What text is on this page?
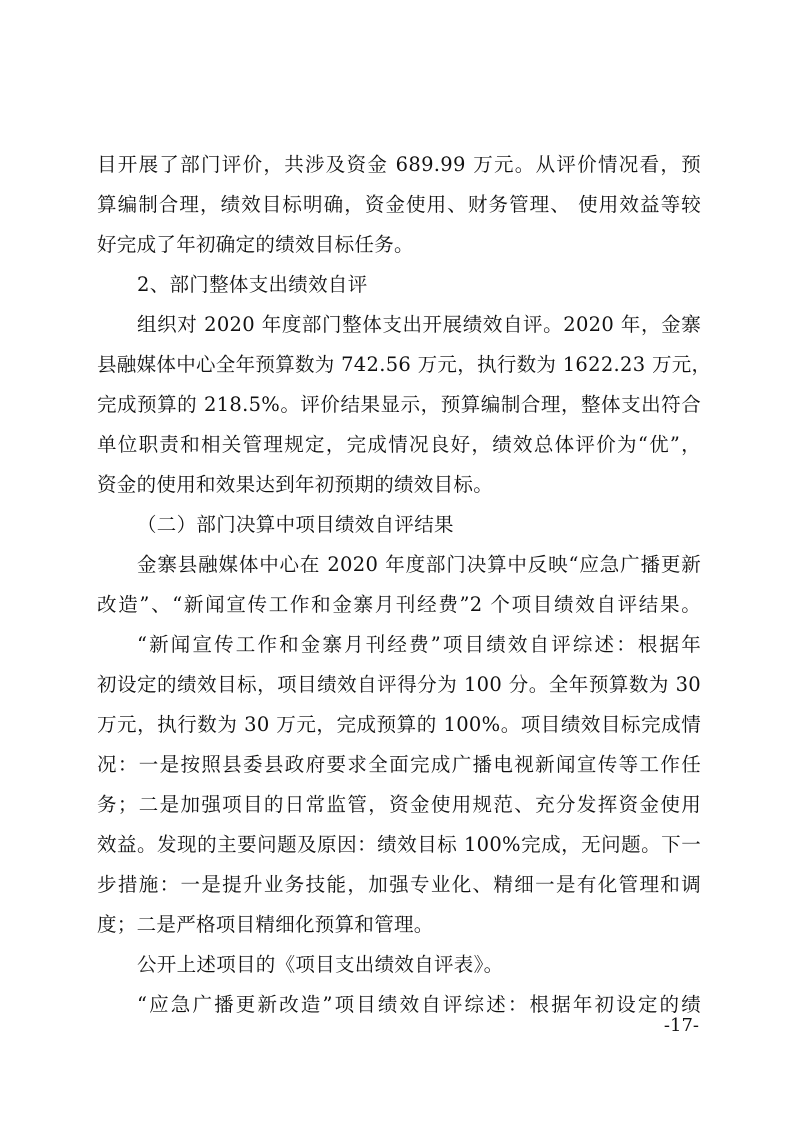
目开展了部门评价，共涉及资金 689.99 万元。从评价情况看，预
算编制合理，绩效目标明确，资金使用、财务管理、 使用效益等较
好完成了年初确定的绩效目标任务。
2、部门整体支出绩效自评
组织对 2020 年度部门整体支出开展绩效自评。2020 年，金寨
县融媒体中心全年预算数为 742.56 万元，执行数为 1622.23 万元，
完成预算的 218.5%。评价结果显示，预算编制合理，整体支出符合
单位职责和相关管理规定，完成情况良好，绩效总体评价为“优”，
资金的使用和效果达到年初预期的绩效目标。
（二）部门决算中项目绩效自评结果
金寨县融媒体中心在 2020 年度部门决算中反映“应急广播更新
改造”、“新闻宣传工作和金寨月刊经费”2 个项目绩效自评结果。
“新闻宣传工作和金寨月刊经费”项目绩效自评综述：根据年
初设定的绩效目标，项目绩效自评得分为 100 分。全年预算数为 30
万元，执行数为 30 万元，完成预算的 100%。项目绩效目标完成情
况：一是按照县委县政府要求全面完成广播电视新闻宣传等工作任
务；二是加强项目的日常监管，资金使用规范、充分发挥资金使用
效益。发现的主要问题及原因：绩效目标 100%完成，无问题。下一
步措施：一是提升业务技能，加强专业化、精细一是有化管理和调
度；二是严格项目精细化预算和管理。
公开上述项目的《项目支出绩效自评表》。
“应急广播更新改造”项目绩效自评综述：根据年初设定的绩
-17-
